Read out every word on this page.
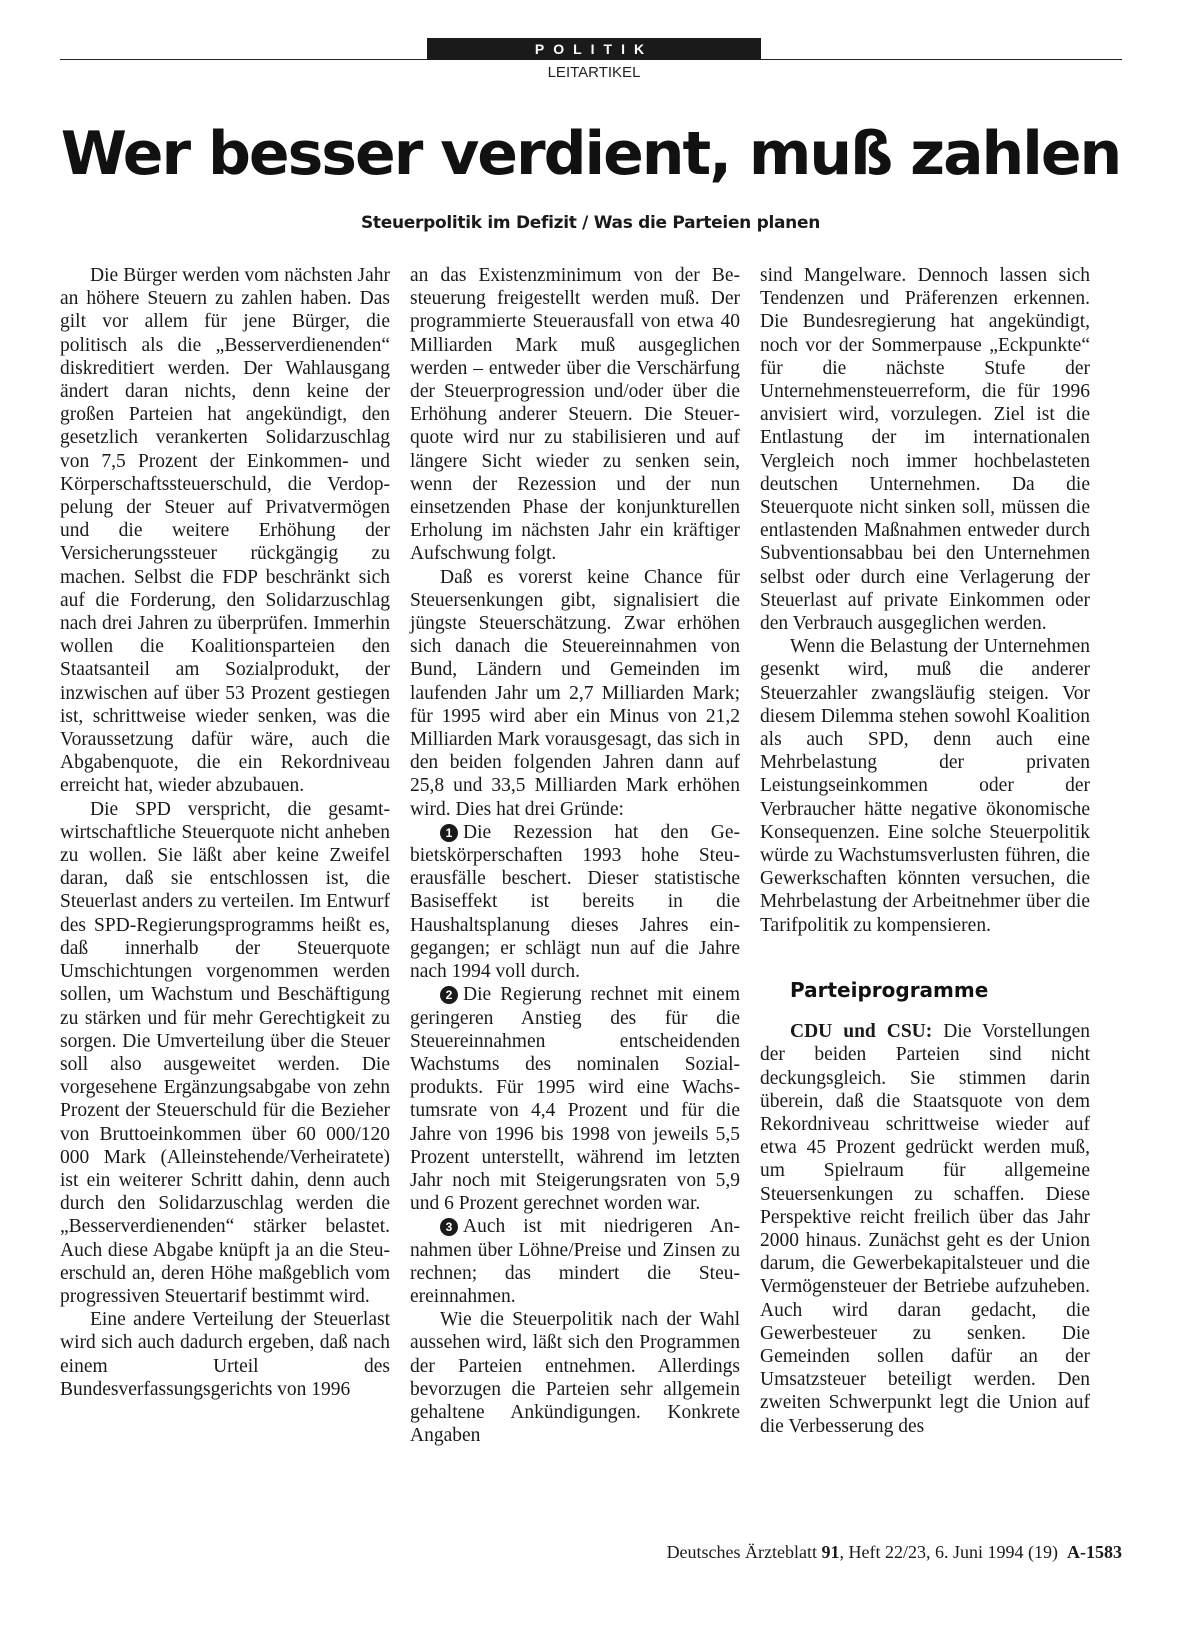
POLITIK
LEITARTIKEL
Wer besser verdient, muß zahlen
Steuerpolitik im Defizit / Was die Parteien planen

Die Bürger werden vom nächsten Jahr an höhere Steuern zu zahlen haben. Das gilt vor allem für jene Bürger, die politisch als die „Besserverdienenden“ diskreditiert werden. Der Wahlausgang ändert daran nichts, denn keine der großen Parteien hat angekündigt, den gesetzlich verankerten Solidarzuschlag von 7,5 Prozent der Einkommen- und Körperschaftssteuerschuld, die Verdoppelung der Steuer auf Privatvermögen und die weitere Erhöhung der Versicherungssteuer rückgängig zu machen. Selbst die FDP beschränkt sich auf die Forderung, den Solidarzuschlag nach drei Jahren zu überprüfen. Immerhin wollen die Koalitionsparteien den Staatsanteil am Sozialprodukt, der inzwischen auf über 53 Prozent gestiegen ist, schrittweise wieder senken, was die Voraussetzung dafür wäre, auch die Abgabenquote, die ein Rekordniveau erreicht hat, wieder abzubauen.

Die SPD verspricht, die gesamtwirtschaftliche Steuerquote nicht anheben zu wollen. Sie läßt aber keine Zweifel daran, daß sie entschlossen ist, die Steuerlast anders zu verteilen. Im Entwurf des SPD-Regierungsprogramms heißt es, daß innerhalb der Steuerquote Umschichtungen vorgenommen werden sollen, um Wachstum und Beschäftigung zu stärken und für mehr Gerechtigkeit zu sorgen. Die Umverteilung über die Steuer soll also ausgeweitet werden. Die vorgesehene Ergänzungsabgabe von zehn Prozent der Steuerschuld für die Bezieher von Bruttoeinkommen über 60 000/120 000 Mark (Alleinstehende/Verheiratete) ist ein weiterer Schritt dahin, denn auch durch den Solidarzuschlag werden die „Besserverdienenden“ stärker belastet. Auch diese Abgabe knüpft ja an die Steuerschuld an, deren Höhe maßgeblich vom progressiven Steuertarif bestimmt wird.

Eine andere Verteilung der Steuerlast wird sich auch dadurch ergeben, daß nach einem Urteil des Bundesverfassungsgerichts von 1996

an das Existenzminimum von der Besteuerung freigestellt werden muß. Der programmierte Steuerausfall von etwa 40 Milliarden Mark muß ausgeglichen werden – entweder über die Verschärfung der Steuerprogression und/oder über die Erhöhung anderer Steuern. Die Steuerquote wird nur zu stabilisieren und auf längere Sicht wieder zu senken sein, wenn der Rezession und der nun einsetzenden Phase der konjunkturellen Erholung im nächsten Jahr ein kräftiger Aufschwung folgt.

Daß es vorerst keine Chance für Steuersenkungen gibt, signalisiert die jüngste Steuerschätzung. Zwar erhöhen sich danach die Steuereinnahmen von Bund, Ländern und Gemeinden im laufenden Jahr um 2,7 Milliarden Mark; für 1995 wird aber ein Minus von 21,2 Milliarden Mark vorausgesagt, das sich in den beiden folgenden Jahren dann auf 25,8 und 33,5 Milliarden Mark erhöhen wird. Dies hat drei Gründe:

1 Die Rezession hat den Gebietskörperschaften 1993 hohe Steuerausfälle beschert. Dieser statistische Basiseffekt ist bereits in die Haushaltsplanung dieses Jahres eingegangen; er schlägt nun auf die Jahre nach 1994 voll durch.

2 Die Regierung rechnet mit einem geringeren Anstieg des für die Steuereinnahmen entscheidenden Wachstums des nominalen Sozialprodukts. Für 1995 wird eine Wachstumsrate von 4,4 Prozent und für die Jahre von 1996 bis 1998 von jeweils 5,5 Prozent unterstellt, während im letzten Jahr noch mit Steigerungsraten von 5,9 und 6 Prozent gerechnet worden war.

3 Auch ist mit niedrigeren Annahmen über Löhne/Preise und Zinsen zu rechnen; das mindert die Steuereinnahmen.

Wie die Steuerpolitik nach der Wahl aussehen wird, läßt sich den Programmen der Parteien entnehmen. Allerdings bevorzugen die Parteien sehr allgemein gehaltene Ankündigungen. Konkrete Angaben

sind Mangelware. Dennoch lassen sich Tendenzen und Präferenzen erkennen. Die Bundesregierung hat angekündigt, noch vor der Sommerpause „Eckpunkte“ für die nächste Stufe der Unternehmensteuerreform, die für 1996 anvisiert wird, vorzulegen. Ziel ist die Entlastung der im internationalen Vergleich noch immer hochbelasteten deutschen Unternehmen. Da die Steuerquote nicht sinken soll, müssen die entlastenden Maßnahmen entweder durch Subventionsabbau bei den Unternehmen selbst oder durch eine Verlagerung der Steuerlast auf private Einkommen oder den Verbrauch ausgeglichen werden.

Wenn die Belastung der Unternehmen gesenkt wird, muß die anderer Steuerzahler zwangsläufig steigen. Vor diesem Dilemma stehen sowohl Koalition als auch SPD, denn auch eine Mehrbelastung der privaten Leistungseinkommen oder der Verbraucher hätte negative ökonomische Konsequenzen. Eine solche Steuerpolitik würde zu Wachstumsverlusten führen, die Gewerkschaften könnten versuchen, die Mehrbelastung der Arbeitnehmer über die Tarifpolitik zu kompensieren.

Parteiprogramme

CDU und CSU: Die Vorstellungen der beiden Parteien sind nicht deckungsgleich. Sie stimmen darin überein, daß die Staatsquote von dem Rekordniveau schrittweise wieder auf etwa 45 Prozent gedrückt werden muß, um Spielraum für allgemeine Steuersenkungen zu schaffen. Diese Perspektive reicht freilich über das Jahr 2000 hinaus. Zunächst geht es der Union darum, die Gewerbekapitalsteuer und die Vermögensteuer der Betriebe aufzuheben. Auch wird daran gedacht, die Gewerbesteuer zu senken. Die Gemeinden sollen dafür an der Umsatzsteuer beteiligt werden. Den zweiten Schwerpunkt legt die Union auf die Verbesserung des

Deutsches Ärzteblatt 91, Heft 22/23, 6. Juni 1994 (19) A-1583
